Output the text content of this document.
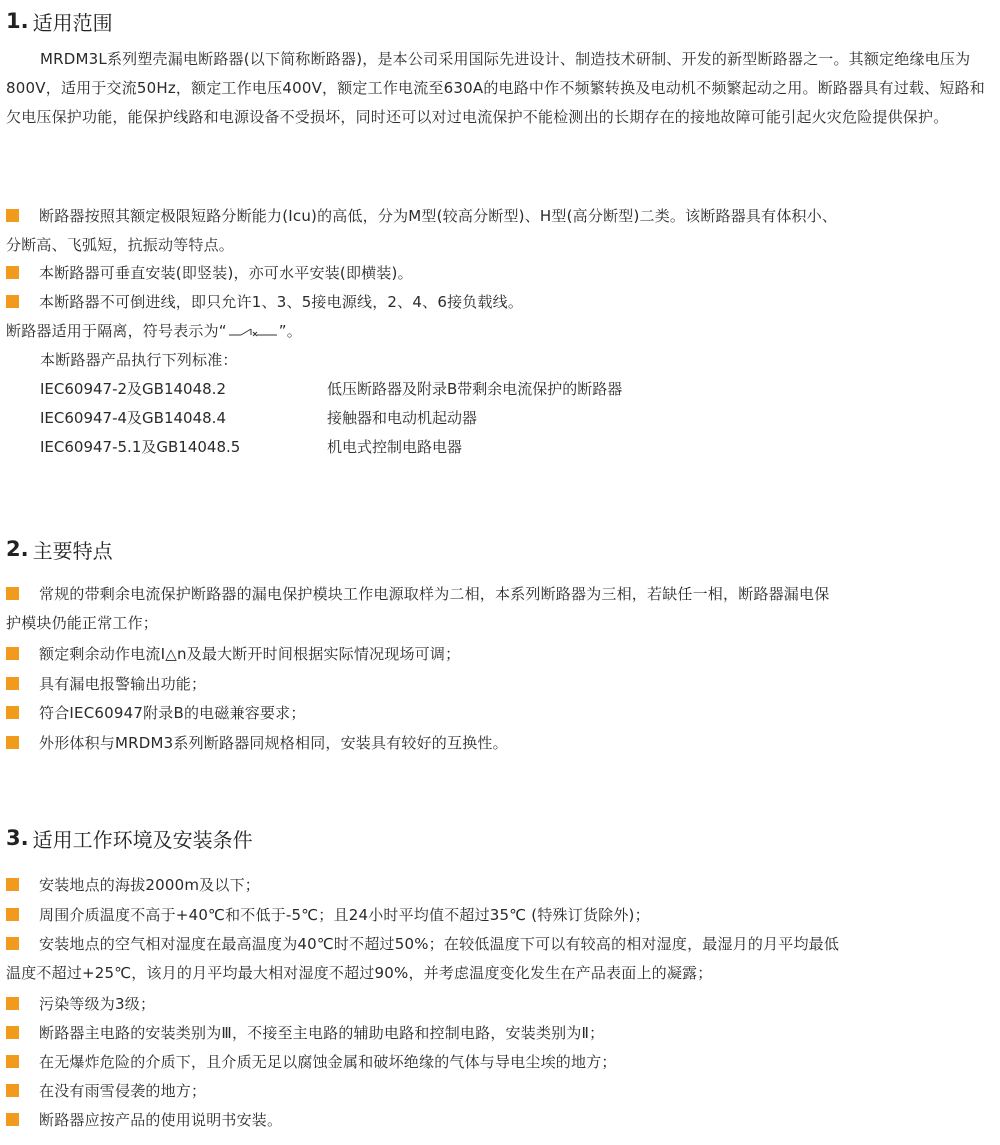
1. 适用范围

MRDM3L系列塑壳漏电断路器(以下简称断路器)，是本公司采用国际先进设计、制造技术研制、开发的新型断路器之一。其额定绝缘电压为800V，适用于交流50Hz，额定工作电压400V，额定工作电流至630A的电路中作不频繁转换及电动机不频繁起动之用。断路器具有过载、短路和欠电压保护功能，能保护线路和电源设备不受损坏，同时还可以对过电流保护不能检测出的长期存在的接地故障可能引起火灾危险提供保护。

断路器按照其额定极限短路分断能力(Icu)的高低，分为M型(较高分断型)、H型(高分断型)二类。该断路器具有体积小、
分断高、飞弧短，抗振动等特点。
本断路器可垂直安装(即竖装)，亦可水平安装(即横装)。
本断路器不可倒进线，即只允许1、3、5接电源线，2、4、6接负载线。
断路器适用于隔离，符号表示为“	”。
本断路器产品执行下列标准：
IEC60947-2及GB14048.2	低压断路器及附录B带剩余电流保护的断路器
IEC60947-4及GB14048.4	接触器和电动机起动器
IEC60947-5.1及GB14048.5	机电式控制电路电器
2. 主要特点
常规的带剩余电流保护断路器的漏电保护模块工作电源取样为二相，本系列断路器为三相，若缺任一相，断路器漏电保
护模块仍能正常工作；
额定剩余动作电流I△n及最大断开时间根据实际情况现场可调；
具有漏电报警输出功能；
符合IEC60947附录B的电磁兼容要求；
外形体积与MRDM3系列断路器同规格相同，安装具有较好的互换性。
3. 适用工作环境及安装条件
安装地点的海拔2000m及以下；
周围介质温度不高于+40℃和不低于-5℃；且24小时平均值不超过35℃ (特殊订货除外)；
安装地点的空气相对湿度在最高温度为40℃时不超过50%；在较低温度下可以有较高的相对湿度，最湿月的月平均最低
温度不超过+25℃，该月的月平均最大相对湿度不超过90%，并考虑温度变化发生在产品表面上的凝露；
污染等级为3级；
断路器主电路的安装类别为Ⅲ，不接至主电路的辅助电路和控制电路，安装类别为Ⅱ；
在无爆炸危险的介质下，且介质无足以腐蚀金属和破坏绝缘的气体与导电尘埃的地方；
在没有雨雪侵袭的地方；
断路器应按产品的使用说明书安装。
